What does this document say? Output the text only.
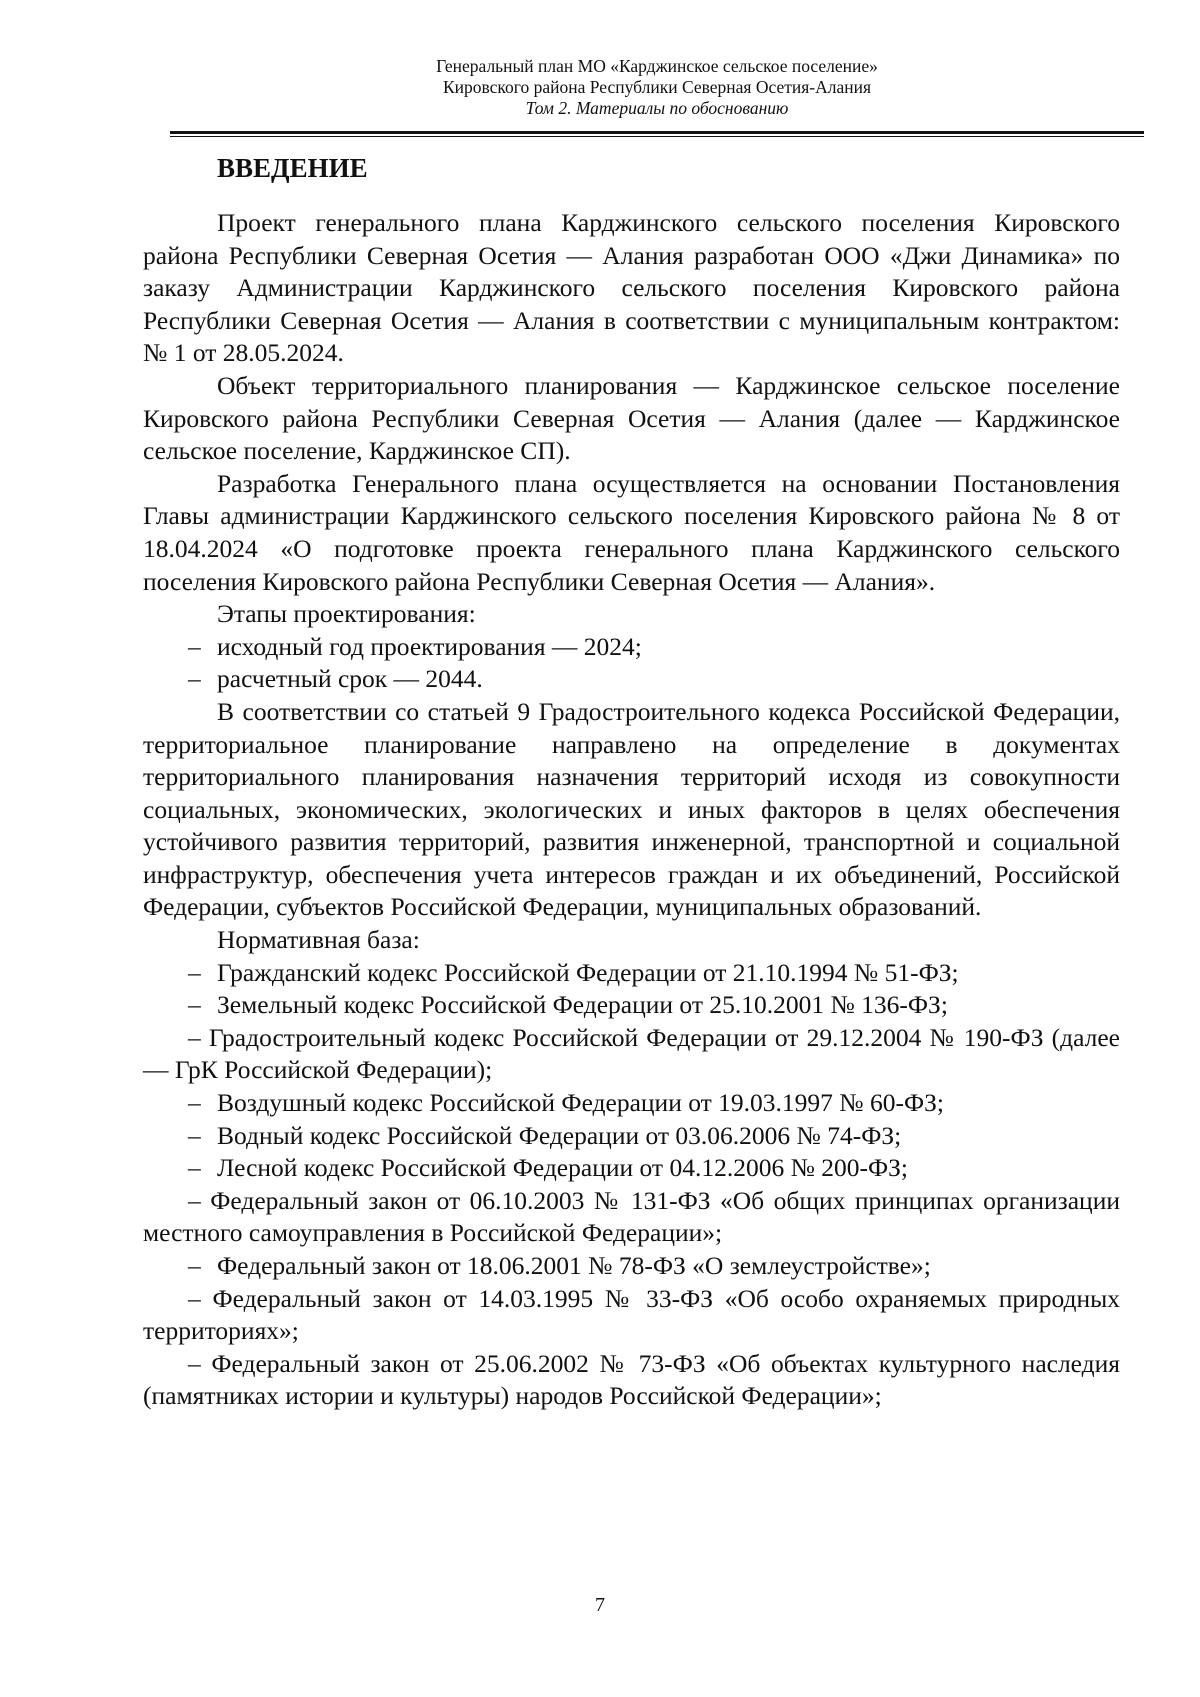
Генеральный план МО «Карджинское сельское поселение»
Кировского района Республики Северная Осетия-Алания
Том 2. Материалы по обоснованию
ВВЕДЕНИЕ

Проект генерального плана Карджинского сельского поселения Кировского района Республики Северная Осетия — Алания разработан ООО «Джи Динамика» по заказу Администрации Карджинского сельского поселения Кировского района Республики Северная Осетия — Алания в соответствии с муниципальным контрактом: № 1 от 28.05.2024.

Объект территориального планирования — Карджинское сельское поселение Кировского района Республики Северная Осетия — Алания (далее — Карджинское сельское поселение, Карджинское СП).

Разработка Генерального плана осуществляется на основании Постановления Главы администрации Карджинского сельского поселения Кировского района № 8 от 18.04.2024 «О подготовке проекта генерального плана Карджинского сельского поселения Кировского района Республики Северная Осетия — Алания».

Этапы проектирования:

– исходный год проектирования — 2024;

– расчетный срок — 2044.

В соответствии со статьей 9 Градостроительного кодекса Российской Федерации, территориальное планирование направлено на определение в документах территориального планирования назначения территорий исходя из совокупности социальных, экономических, экологических и иных факторов в целях обеспечения устойчивого развития территорий, развития инженерной, транспортной и социальной инфраструктур, обеспечения учета интересов граждан и их объединений, Российской Федерации, субъектов Российской Федерации, муниципальных образований.

Нормативная база:

– Гражданский кодекс Российской Федерации от 21.10.1994 № 51-ФЗ;

– Земельный кодекс Российской Федерации от 25.10.2001 № 136-ФЗ;

– Градостроительный кодекс Российской Федерации от 29.12.2004 № 190-ФЗ (далее — ГрК Российской Федерации);

– Воздушный кодекс Российской Федерации от 19.03.1997 № 60-ФЗ;

– Водный кодекс Российской Федерации от 03.06.2006 № 74-ФЗ;

– Лесной кодекс Российской Федерации от 04.12.2006 № 200-ФЗ;

– Федеральный закон от 06.10.2003 № 131-ФЗ «Об общих принципах организации местного самоуправления в Российской Федерации»;

– Федеральный закон от 18.06.2001 № 78-ФЗ «О землеустройстве»;

– Федеральный закон от 14.03.1995 № 33-ФЗ «Об особо охраняемых природных территориях»;

– Федеральный закон от 25.06.2002 № 73-ФЗ «Об объектах культурного наследия (памятниках истории и культуры) народов Российской Федерации»;

7
